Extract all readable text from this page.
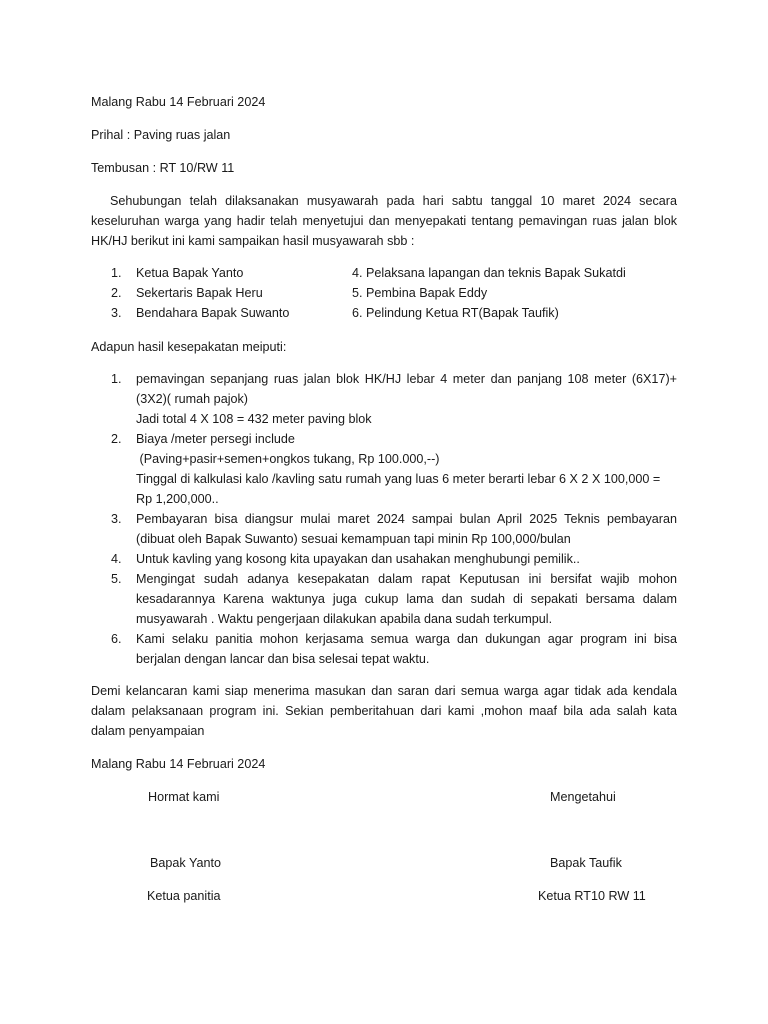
Malang Rabu 14 Februari 2024
Prihal : Paving ruas jalan
Tembusan : RT 10/RW 11
Sehubungan telah dilaksanakan musyawarah pada hari sabtu tanggal 10 maret 2024 secara keseluruhan warga yang hadir telah menyetujui dan menyepakati tentang pemavingan ruas jalan blok HK/HJ berikut ini kami sampaikan hasil musyawarah sbb :
1. Ketua Bapak Yanto	4. Pelaksana lapangan dan teknis Bapak Sukatdi
2. Sekertaris Bapak Heru	5. Pembina Bapak Eddy
3. Bendahara Bapak Suwanto	6. Pelindung Ketua RT(Bapak Taufik)
Adapun hasil kesepakatan meiputi:
1. pemavingan sepanjang ruas jalan blok HK/HJ lebar 4 meter dan panjang 108 meter (6X17)+(3X2)( rumah pajok)
Jadi total 4 X 108 = 432 meter paving blok
2. Biaya /meter persegi include
(Paving+pasir+semen+ongkos tukang, Rp 100.000,--)
Tinggal di kalkulasi kalo /kavling satu rumah yang luas 6 meter berarti lebar 6 X 2 X 100,000 =
Rp 1,200,000..
3. Pembayaran bisa diangsur mulai maret 2024 sampai bulan April 2025 Teknis pembayaran (dibuat oleh Bapak Suwanto) sesuai kemampuan tapi minin Rp 100,000/bulan
4. Untuk kavling yang kosong kita upayakan dan usahakan menghubungi pemilik..
5. Mengingat sudah adanya kesepakatan dalam rapat Keputusan ini bersifat wajib mohon kesadarannya Karena waktunya juga cukup lama dan sudah di sepakati bersama dalam musyawarah . Waktu pengerjaan dilakukan apabila dana sudah terkumpul.
6. Kami selaku panitia mohon kerjasama semua warga dan dukungan agar program ini bisa berjalan dengan lancar dan bisa selesai tepat waktu.
Demi kelancaran kami siap menerima masukan dan saran dari semua warga agar tidak ada kendala dalam pelaksanaan program ini. Sekian pemberitahuan dari kami ,mohon maaf bila ada salah kata dalam penyampaian
Malang Rabu 14 Februari 2024
Hormat kami	Mengetahui
Bapak Yanto	Bapak Taufik
Ketua panitia	Ketua RT10 RW 11
